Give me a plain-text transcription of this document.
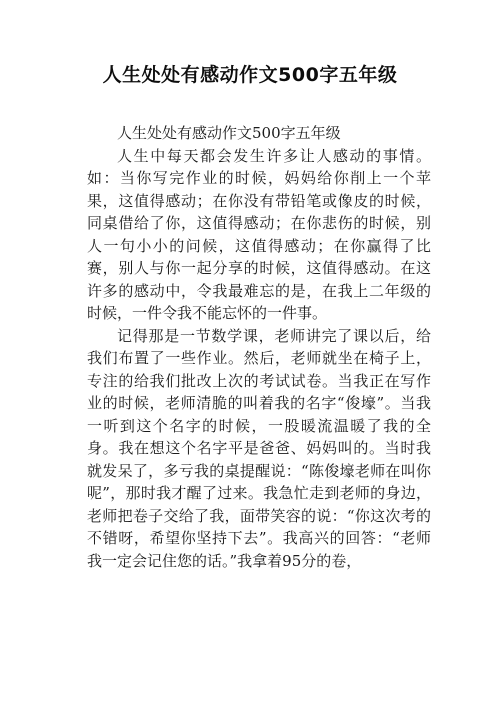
人生处处有感动作文500字五年级

人生处处有感动作文500字五年级

人生中每天都会发生许多让人感动的事情。如：当你写完作业的时候，妈妈给你削上一个苹果，这值得感动；在你没有带铅笔或像皮的时候，同桌借给了你，这值得感动；在你悲伤的时候，别人一句小小的问候，这值得感动；在你赢得了比赛，别人与你一起分享的时候，这值得感动。在这许多的感动中，令我最难忘的是，在我上二年级的时候，一件令我不能忘怀的一件事。

记得那是一节数学课，老师讲完了课以后，给我们布置了一些作业。然后，老师就坐在椅子上，专注的给我们批改上次的考试试卷。当我正在写作业的时候，老师清脆的叫着我的名字“俊壕”。当我一听到这个名字的时候，一股暖流温暖了我的全身。我在想这个名字平是爸爸、妈妈叫的。当时我就发呆了，多亏我的桌提醒说：“陈俊壕老师在叫你呢”，那时我才醒了过来。我急忙走到老师的身边，老师把卷子交给了我，面带笑容的说：“你这次考的不错呀，希望你坚持下去”。我高兴的回答：“老师我一定会记住您的话。”我拿着95分的卷，
